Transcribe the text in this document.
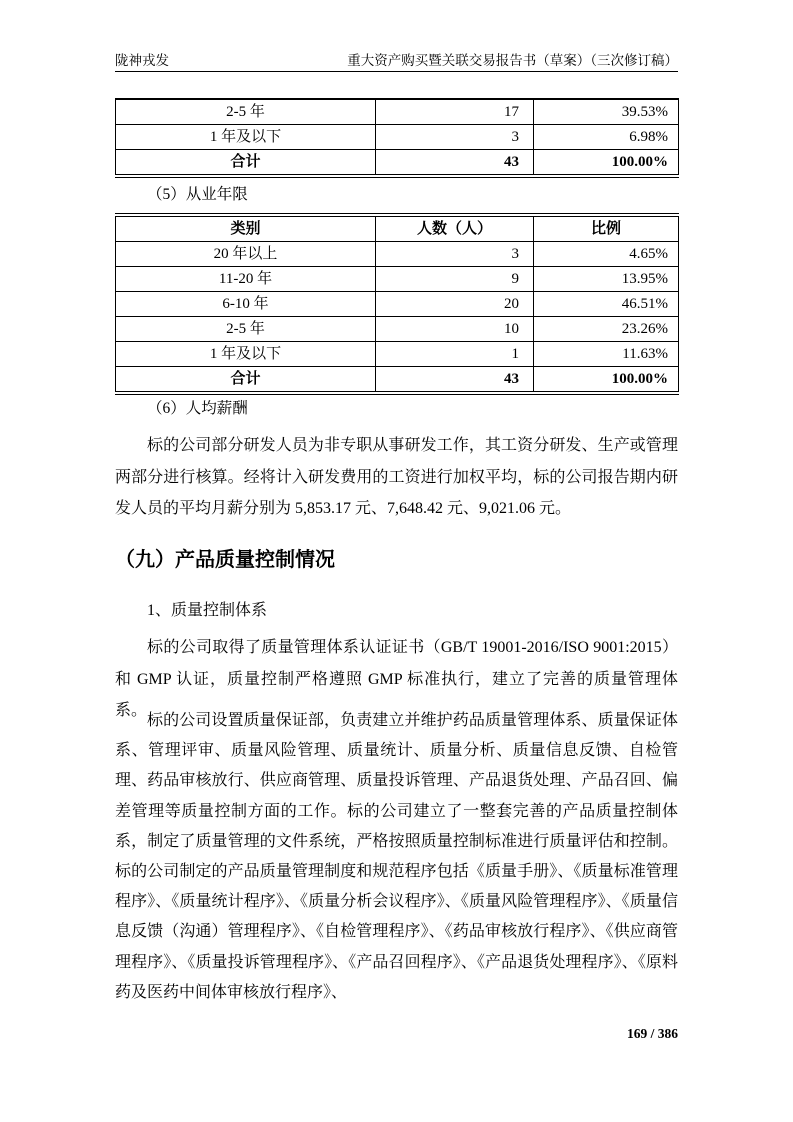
陇神戎发	重大资产购买暨关联交易报告书（草案）（三次修订稿）
2-5 年	17	39.53%
1 年及以下	3	6.98%
合计	43	100.00%

（5）从业年限

类别	人数（人）	比例
20 年以上	3	4.65%
11-20 年	9	13.95%
6-10 年	20	46.51%
2-5 年	10	23.26%
1 年及以下	1	11.63%
合计	43	100.00%

（6）人均薪酬

标的公司部分研发人员为非专职从事研发工作，其工资分研发、生产或管理两部分进行核算。经将计入研发费用的工资进行加权平均，标的公司报告期内研发人员的平均月薪分别为 5,853.17 元、7,648.42 元、9,021.06 元。

（九）产品质量控制情况

1、质量控制体系

标的公司取得了质量管理体系认证证书（GB/T 19001-2016/ISO 9001:2015）和 GMP 认证，质量控制严格遵照 GMP 标准执行，建立了完善的质量管理体系。

标的公司设置质量保证部，负责建立并维护药品质量管理体系、质量保证体系、管理评审、质量风险管理、质量统计、质量分析、质量信息反馈、自检管理、药品审核放行、供应商管理、质量投诉管理、产品退货处理、产品召回、偏差管理等质量控制方面的工作。标的公司建立了一整套完善的产品质量控制体系，制定了质量管理的文件系统，严格按照质量控制标准进行质量评估和控制。标的公司制定的产品质量管理制度和规范程序包括《质量手册》、《质量标准管理程序》、《质量统计程序》、《质量分析会议程序》、《质量风险管理程序》、《质量信息反馈（沟通）管理程序》、《自检管理程序》、《药品审核放行程序》、《供应商管理程序》、《质量投诉管理程序》、《产品召回程序》、《产品退货处理程序》、《原料药及医药中间体审核放行程序》、

169 / 386
